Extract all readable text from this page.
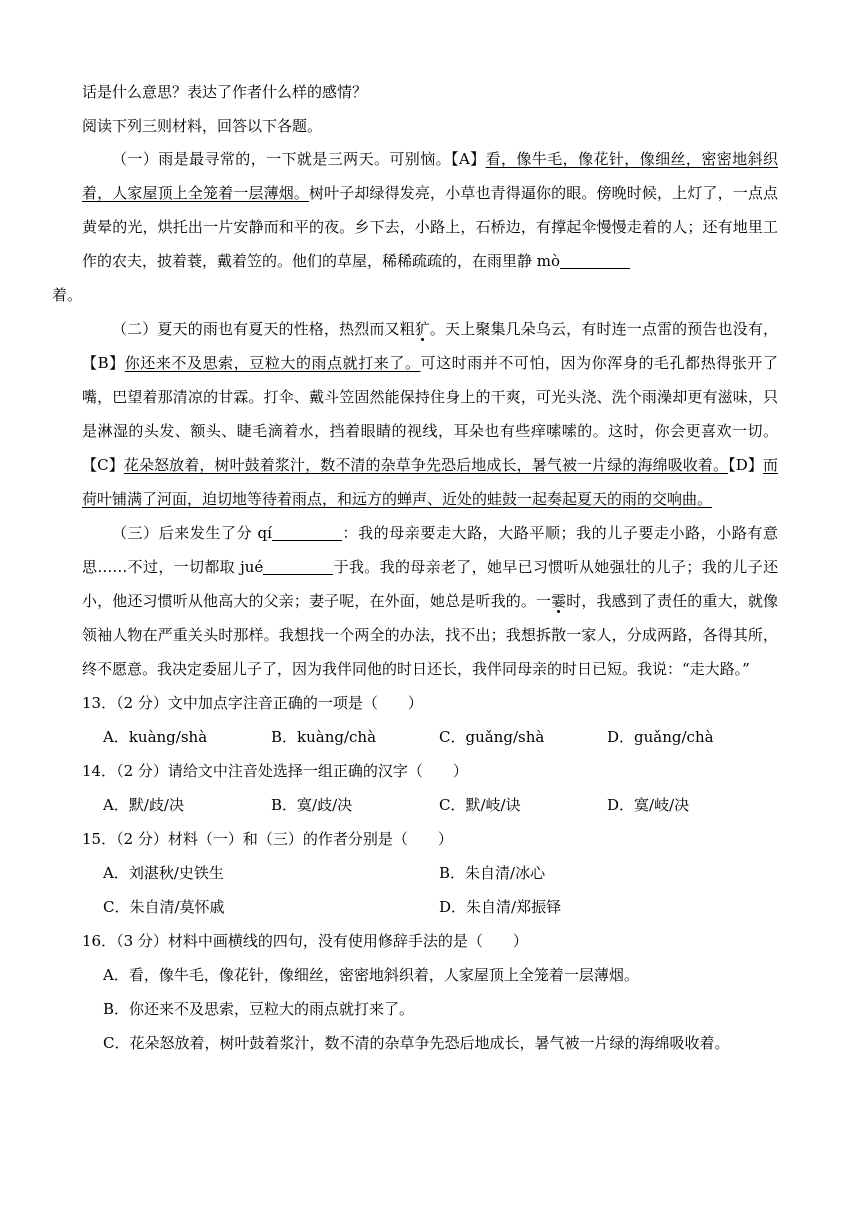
话是什么意思？表达了作者什么样的感情？
阅读下列三则材料，回答以下各题。

（一）雨是最寻常的，一下就是三两天。可别恼。【A】看，像牛毛，像花针，像细丝，密密地斜织着，人家屋顶上全笼着一层薄烟。树叶子却绿得发亮，小草也青得逼你的眼。傍晚时候，上灯了，一点点黄晕的光，烘托出一片安静而和平的夜。乡下去，小路上，石桥边，有撑起伞慢慢走着的人；还有地里工作的农夫，披着蓑，戴着笠的。他们的草屋，稀稀疏疏的，在雨里静 mò
着。

（二）夏天的雨也有夏天的性格，热烈而又粗犷。天上聚集几朵乌云，有时连一点雷的预告也没有，【B】你还来不及思索，豆粒大的雨点就打来了。可这时雨并不可怕，因为你浑身的毛孔都热得张开了嘴，巴望着那清凉的甘霖。打伞、戴斗笠固然能保持住身上的干爽，可光头浇、洗个雨澡却更有滋味，只是淋湿的头发、额头、睫毛滴着水，挡着眼睛的视线，耳朵也有些痒嗦嗦的。这时，你会更喜欢一切。【C】花朵怒放着，树叶鼓着浆汁，数不清的杂草争先恐后地成长，暑气被一片绿的海绵吸收着。【D】而荷叶铺满了河面，迫切地等待着雨点，和远方的蝉声、近处的蛙鼓一起奏起夏天的雨的交响曲。

（三）后来发生了分 qí	：我的母亲要走大路，大路平顺；我的儿子要走小路，小路有意思……不过，一切都取 jué	于我。我的母亲老了，她早已习惯听从她强壮的儿子；我的儿子还小，他还习惯听从他高大的父亲；妻子呢，在外面，她总是听我的。一霎时，我感到了责任的重大，就像领袖人物在严重关头时那样。我想找一个两全的办法，找不出；我想拆散一家人，分成两路，各得其所，终不愿意。我决定委屈儿子了，因为我伴同他的时日还长，我伴同母亲的时日已短。我说：“走大路。”

13．（2 分）文中加点字注音正确的一项是（　　）
A．kuàng/shà	B．kuàng/chà	C．guǎng/shà	D．guǎng/chà
14．（2 分）请给文中注音处选择一组正确的汉字（　　）
A．默/歧/决	B．寞/歧/决	C．默/岐/诀	D．寞/岐/决
15．（2 分）材料（一）和（三）的作者分别是（　　）
A．刘湛秋/史铁生	B．朱自清/冰心
C．朱自清/莫怀戚	D．朱自清/郑振铎
16．（3 分）材料中画横线的四句，没有使用修辞手法的是（　　）
A．看，像牛毛，像花针，像细丝，密密地斜织着，人家屋顶上全笼着一层薄烟。
B．你还来不及思索，豆粒大的雨点就打来了。
C．花朵怒放着，树叶鼓着浆汁，数不清的杂草争先恐后地成长，暑气被一片绿的海绵吸收着。
